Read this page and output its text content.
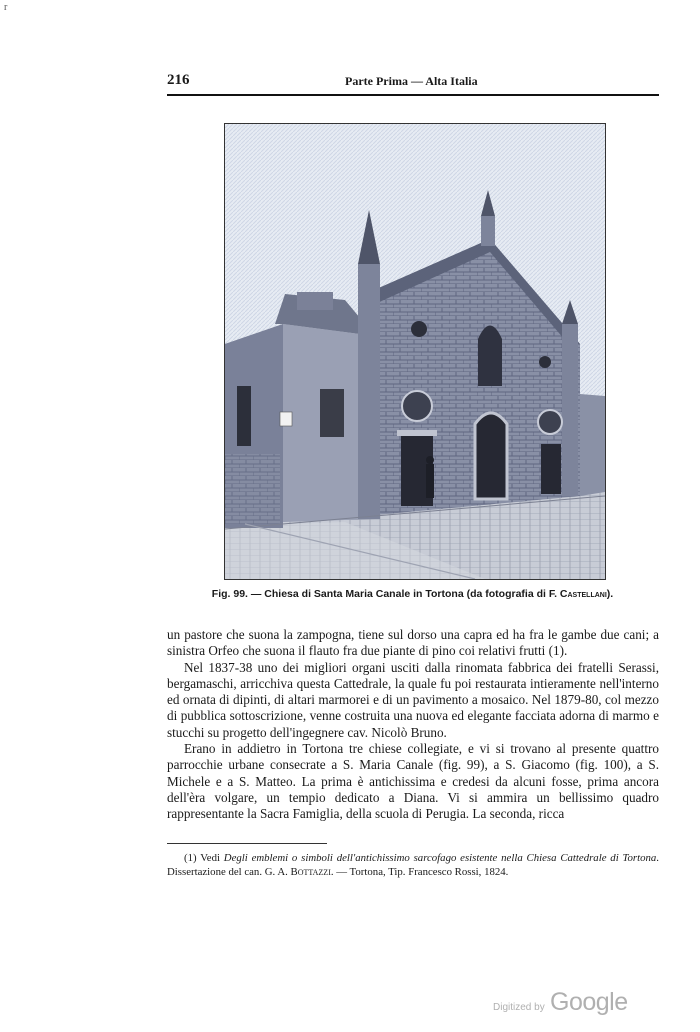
r
216	Parte Prima — Alta Italia
Fig. 99. — Chiesa di Santa Maria Canale in Tortona (da fotografia di F. Castellani).

un pastore che suona la zampogna, tiene sul dorso una capra ed ha fra le gambe due cani; a sinistra Orfeo che suona il flauto fra due piante di pino coi relativi frutti (1).

Nel 1837-38 uno dei migliori organi usciti dalla rinomata fabbrica dei fratelli Serassi, bergamaschi, arricchiva questa Cattedrale, la quale fu poi restaurata intieramente nell'interno ed ornata di dipinti, di altari marmorei e di un pavimento a mosaico. Nel 1879-80, col mezzo di pubblica sottoscrizione, venne costruita una nuova ed elegante facciata adorna di marmo e stucchi su progetto dell'ingegnere cav. Nicolò Bruno.

Erano in addietro in Tortona tre chiese collegiate, e vi si trovano al presente quattro parrocchie urbane consecrate a S. Maria Canale (fig. 99), a S. Giacomo (fig. 100), a S. Michele e a S. Matteo. La prima è antichissima e credesi da alcuni fosse, prima ancora dell'èra volgare, un tempio dedicato a Diana. Vi si ammira un bellissimo quadro rappresentante la Sacra Famiglia, della scuola di Perugia. La seconda, ricca

(1) Vedi Degli emblemi o simboli dell'antichissimo sarcofago esistente nella Chiesa Cattedrale di Tortona. Dissertazione del can. G. A. Bottazzi. — Tortona, Tip. Francesco Rossi, 1824.
Digitized by Google
